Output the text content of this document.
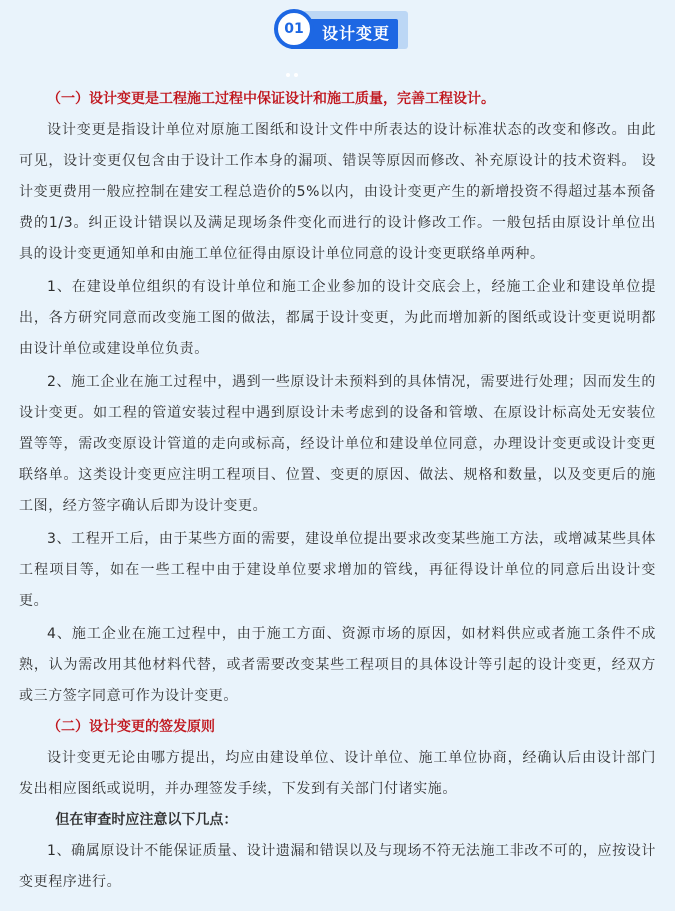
设计变更
01

（一）设计变更是工程施工过程中保证设计和施工质量，完善工程设计。

设计变更是指设计单位对原施工图纸和设计文件中所表达的设计标准状态的改变和修改。由此可见，设计变更仅包含由于设计工作本身的漏项、错误等原因而修改、补充原设计的技术资料。 设计变更费用一般应控制在建安工程总造价的5%以内，由设计变更产生的新增投资不得超过基本预备费的1/3。纠正设计错误以及满足现场条件变化而进行的设计修改工作。一般包括由原设计单位出具的设计变更通知单和由施工单位征得由原设计单位同意的设计变更联络单两种。

1、在建设单位组织的有设计单位和施工企业参加的设计交底会上，经施工企业和建设单位提出，各方研究同意而改变施工图的做法，都属于设计变更，为此而增加新的图纸或设计变更说明都由设计单位或建设单位负责。

2、施工企业在施工过程中，遇到一些原设计未预料到的具体情况，需要进行处理；因而发生的设计变更。如工程的管道安装过程中遇到原设计未考虑到的设备和管墩、在原设计标高处无安装位置等等，需改变原设计管道的走向或标高，经设计单位和建设单位同意，办理设计变更或设计变更联络单。这类设计变更应注明工程项目、位置、变更的原因、做法、规格和数量，以及变更后的施工图，经方签字确认后即为设计变更。

3、工程开工后，由于某些方面的需要，建设单位提出要求改变某些施工方法，或增减某些具体工程项目等，如在一些工程中由于建设单位要求增加的管线，再征得设计单位的同意后出设计变更。

4、施工企业在施工过程中，由于施工方面、资源市场的原因，如材料供应或者施工条件不成熟，认为需改用其他材料代替，或者需要改变某些工程项目的具体设计等引起的设计变更，经双方或三方签字同意可作为设计变更。

（二）设计变更的签发原则

设计变更无论由哪方提出，均应由建设单位、设计单位、施工单位协商，经确认后由设计部门发出相应图纸或说明，并办理签发手续，下发到有关部门付诸实施。

但在审查时应注意以下几点：

1、确属原设计不能保证质量、设计遗漏和错误以及与现场不符无法施工非改不可的，应按设计变更程序进行。
